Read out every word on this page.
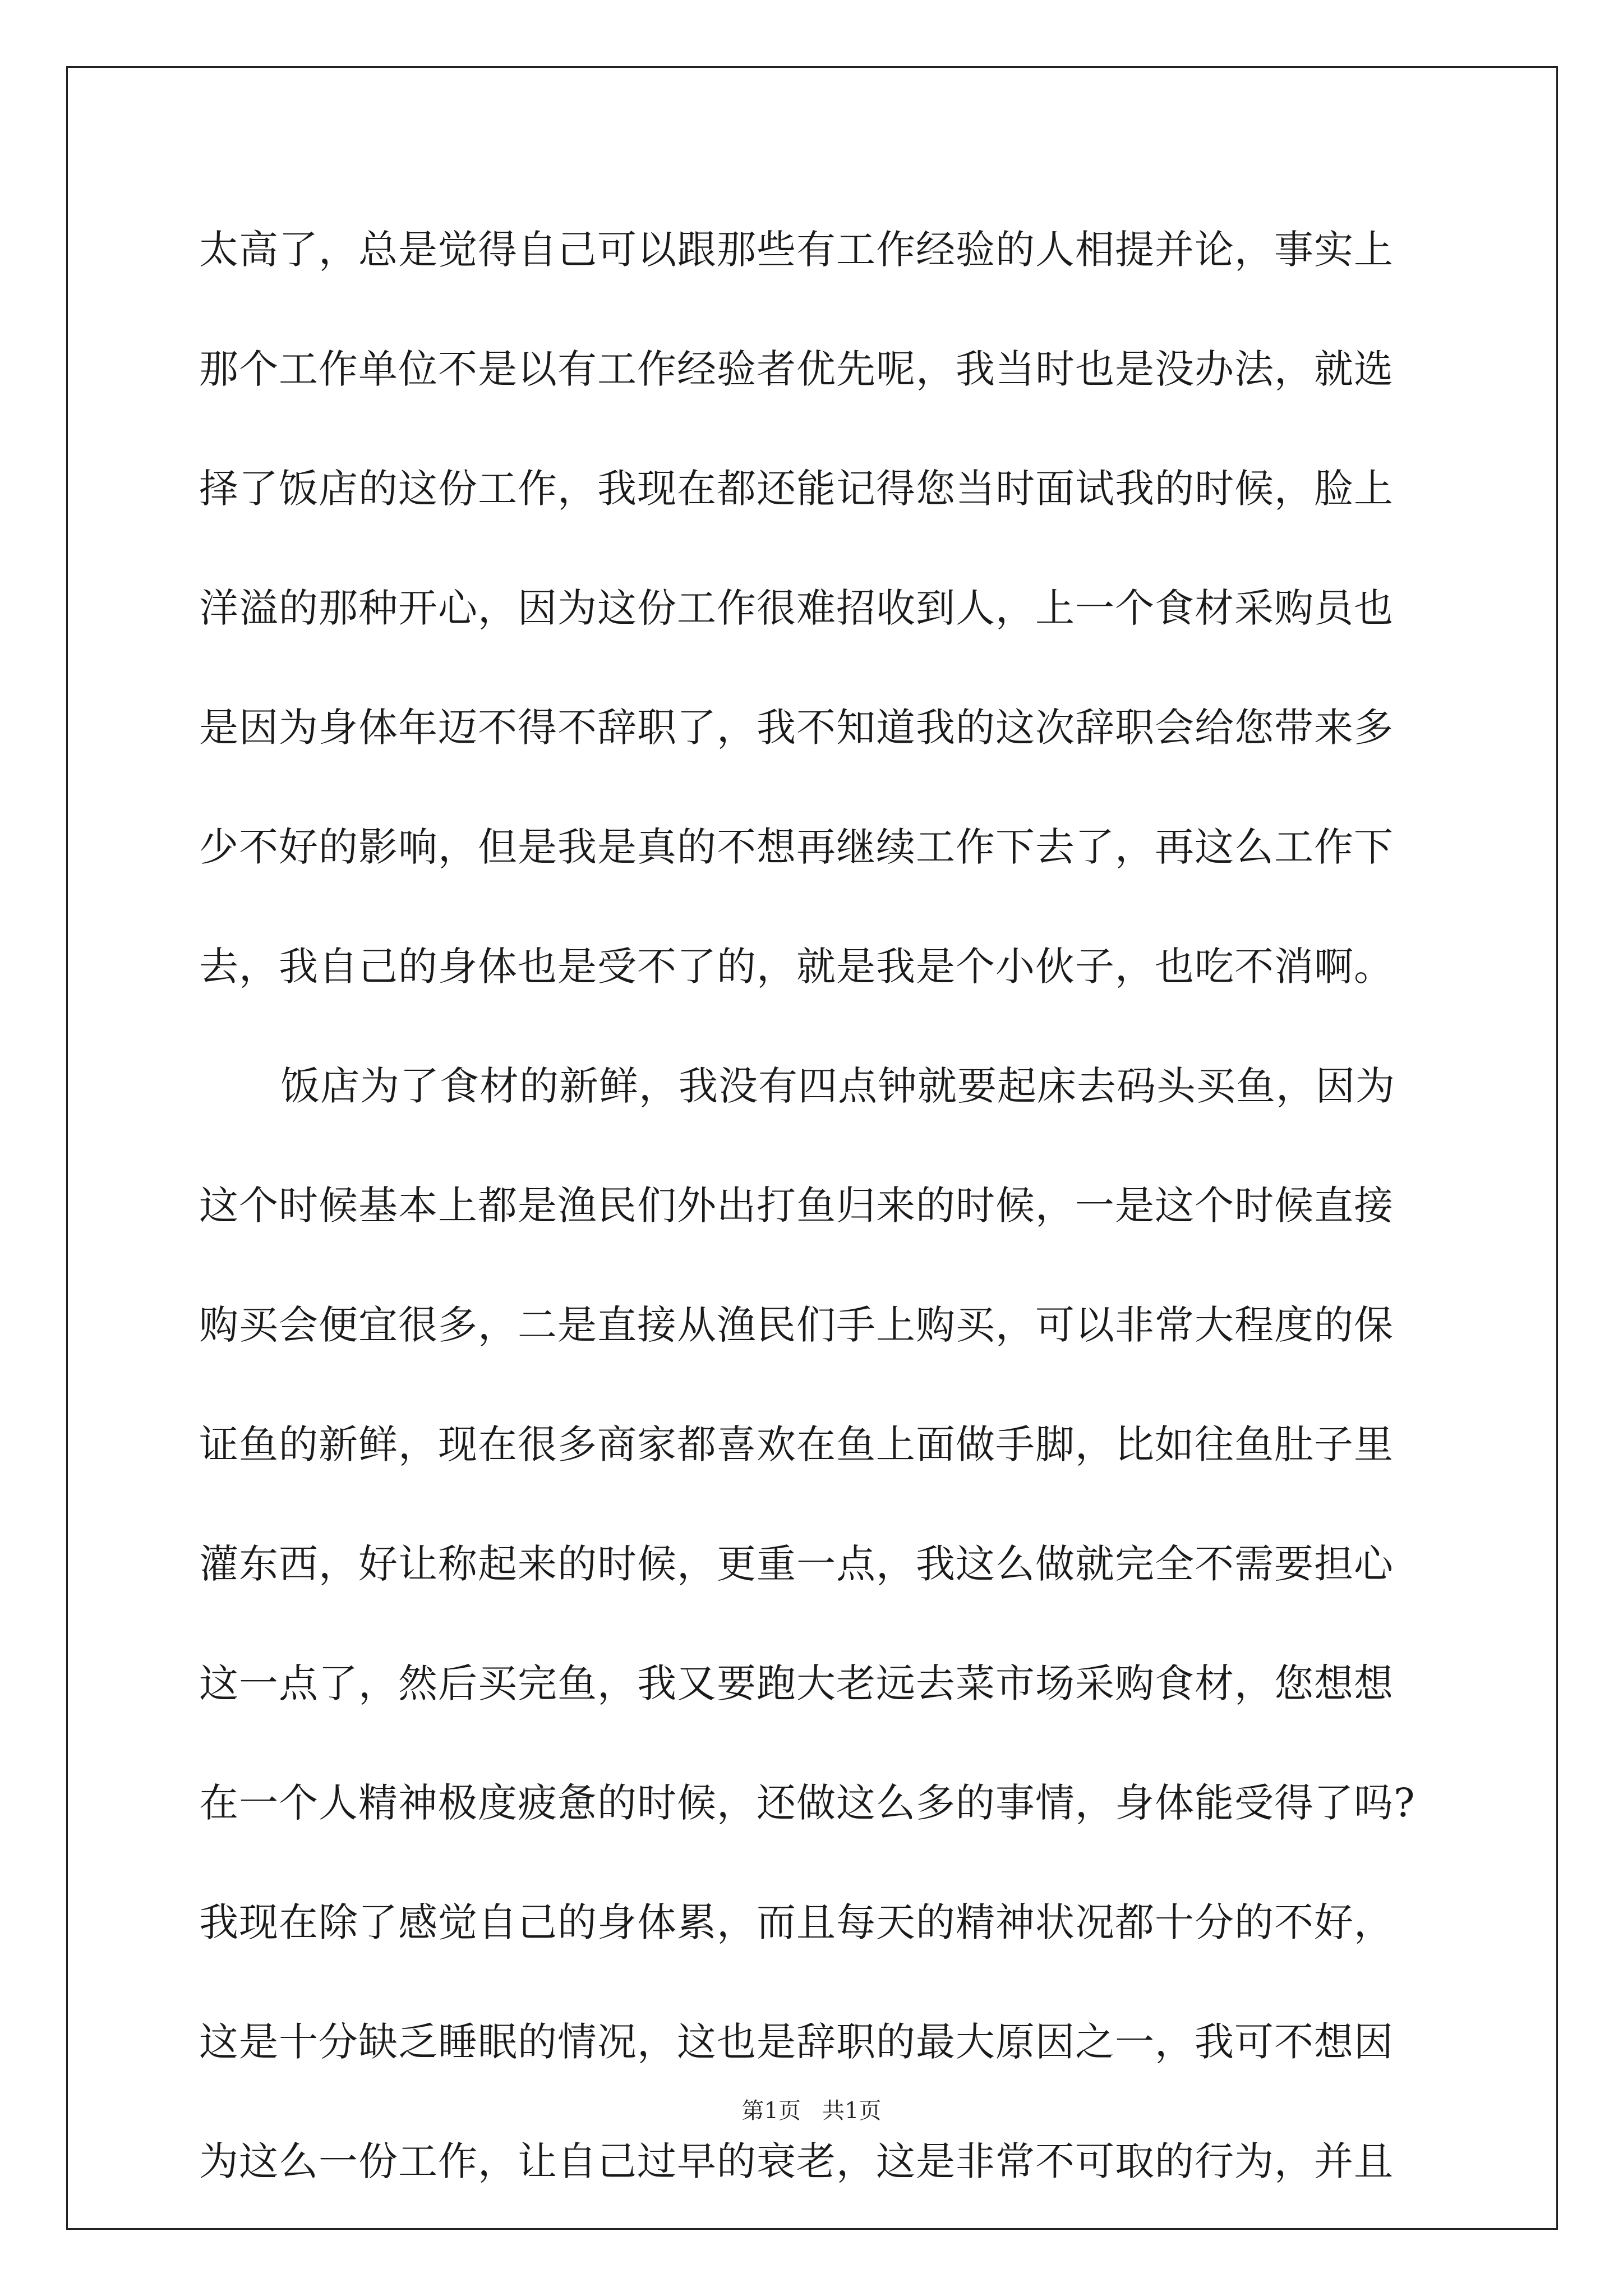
太高了，总是觉得自己可以跟那些有工作经验的人相提并论，事实上
那个工作单位不是以有工作经验者优先呢，我当时也是没办法，就选
择了饭店的这份工作，我现在都还能记得您当时面试我的时候，脸上
洋溢的那种开心，因为这份工作很难招收到人，上一个食材采购员也
是因为身体年迈不得不辞职了，我不知道我的这次辞职会给您带来多
少不好的影响，但是我是真的不想再继续工作下去了，再这么工作下
去，我自己的身体也是受不了的，就是我是个小伙子，也吃不消啊。
饭店为了食材的新鲜，我没有四点钟就要起床去码头买鱼，因为
这个时候基本上都是渔民们外出打鱼归来的时候，一是这个时候直接
购买会便宜很多，二是直接从渔民们手上购买，可以非常大程度的保
证鱼的新鲜，现在很多商家都喜欢在鱼上面做手脚，比如往鱼肚子里
灌东西，好让称起来的时候，更重一点，我这么做就完全不需要担心
这一点了，然后买完鱼，我又要跑大老远去菜市场采购食材，您想想
在一个人精神极度疲惫的时候，还做这么多的事情，身体能受得了吗?
我现在除了感觉自己的身体累，而且每天的精神状况都十分的不好，
这是十分缺乏睡眠的情况，这也是辞职的最大原因之一，我可不想因
为这么一份工作，让自己过早的衰老，这是非常不可取的行为，并且
第1页 共1页
